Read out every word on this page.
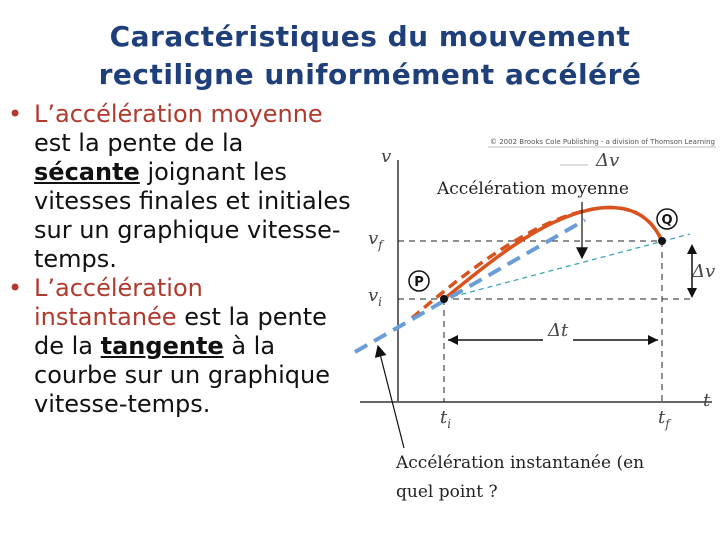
Caractéristiques du mouvement
rectiligne uniformément accéléré
• L’accélération moyenne est la pente de la sécante joignant les vitesses finales et initiales sur un graphique vitesse-temps.
• L’accélération instantanée est la pente de la tangente à la courbe sur un graphique vitesse-temps.
© 2002 Brooks Cole Publishing - a division of Thomson Learning
P
Q
v
t
$v_f$
$v_i$
$t_i$	$t_f$
Δv
Δt
Δv
Accélération moyenne
Accélération instantanée (en
quel point ?
